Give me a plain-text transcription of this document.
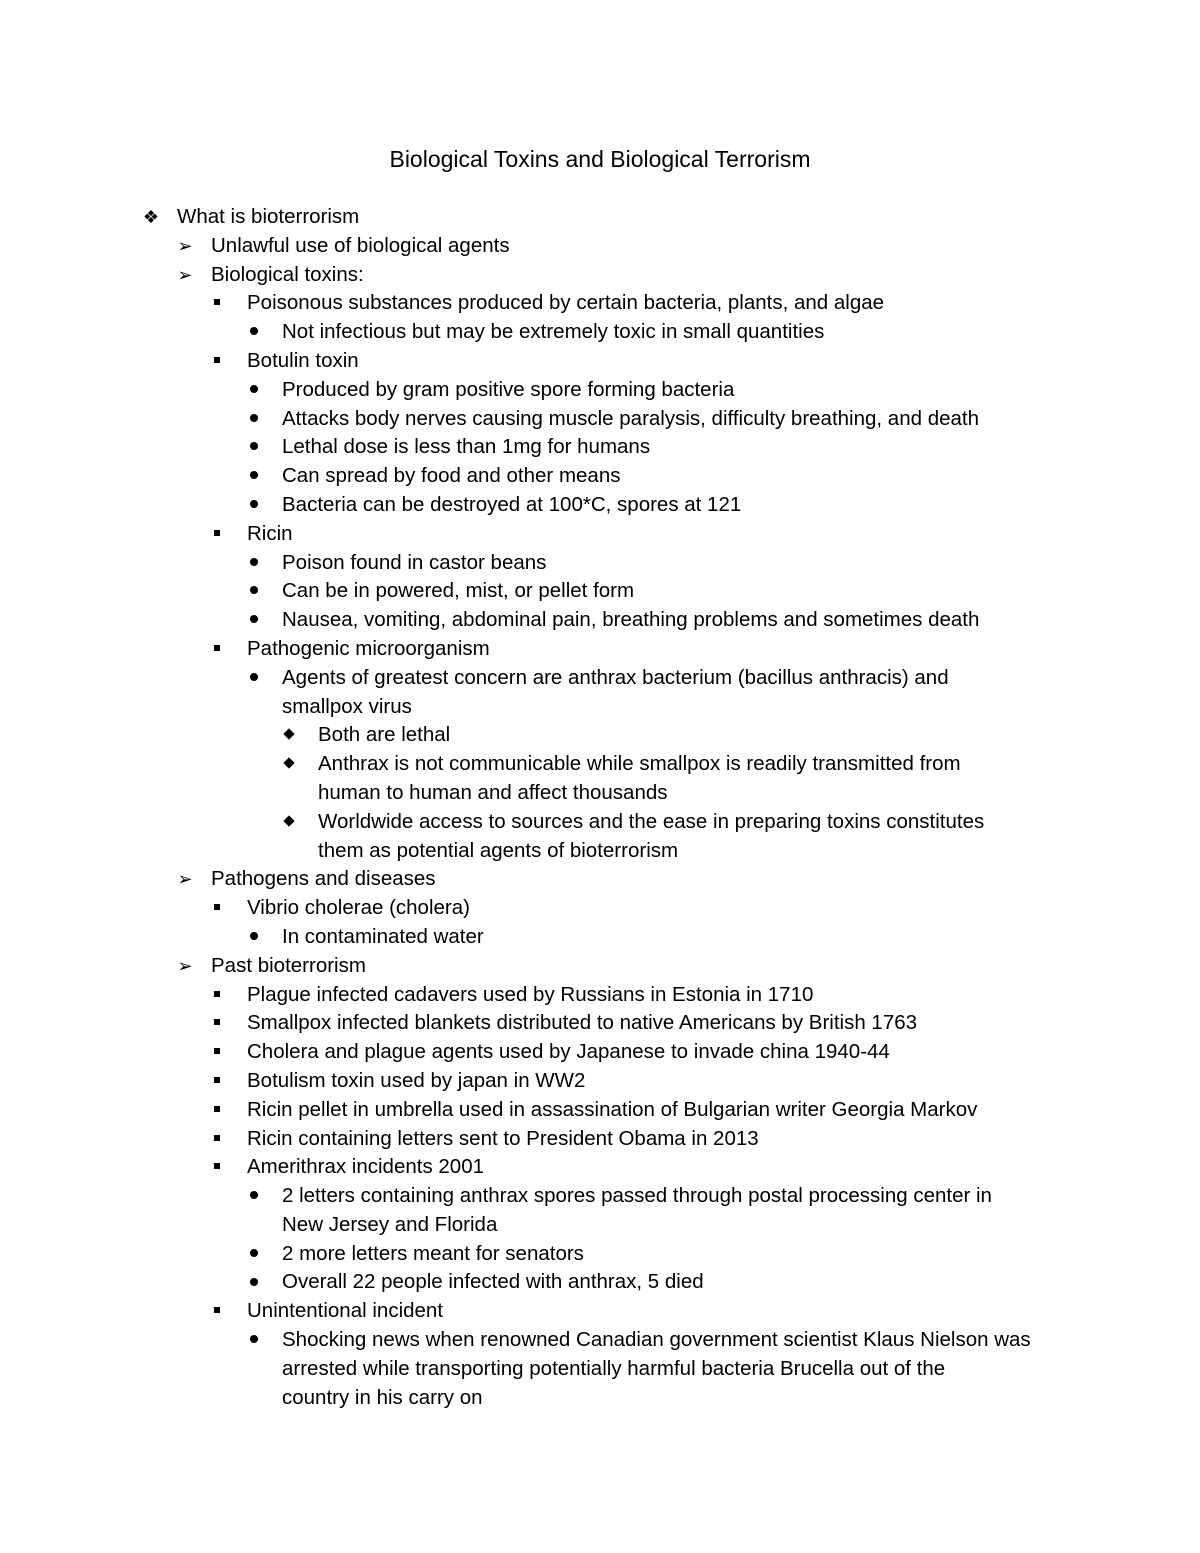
Biological Toxins and Biological Terrorism
❖ What is bioterrorism
➢ Unlawful use of biological agents
➢ Biological toxins:
Poisonous substances produced by certain bacteria, plants, and algae
Not infectious but may be extremely toxic in small quantities
Botulin toxin
Produced by gram positive spore forming bacteria
Attacks body nerves causing muscle paralysis, difficulty breathing, and death
Lethal dose is less than 1mg for humans
Can spread by food and other means
Bacteria can be destroyed at 100*C, spores at 121
Ricin
Poison found in castor beans
Can be in powered, mist, or pellet form
Nausea, vomiting, abdominal pain, breathing problems and sometimes death
Pathogenic microorganism
Agents of greatest concern are anthrax bacterium (bacillus anthracis) and
smallpox virus
Both are lethal
Anthrax is not communicable while smallpox is readily transmitted from
human to human and affect thousands
Worldwide access to sources and the ease in preparing toxins constitutes
them as potential agents of bioterrorism
➢ Pathogens and diseases
Vibrio cholerae (cholera)
In contaminated water
➢ Past bioterrorism
Plague infected cadavers used by Russians in Estonia in 1710
Smallpox infected blankets distributed to native Americans by British 1763
Cholera and plague agents used by Japanese to invade china 1940-44
Botulism toxin used by japan in WW2
Ricin pellet in umbrella used in assassination of Bulgarian writer Georgia Markov
Ricin containing letters sent to President Obama in 2013
Amerithrax incidents 2001
2 letters containing anthrax spores passed through postal processing center in
New Jersey and Florida
2 more letters meant for senators
Overall 22 people infected with anthrax, 5 died
Unintentional incident
Shocking news when renowned Canadian government scientist Klaus Nielson was
arrested while transporting potentially harmful bacteria Brucella out of the
country in his carry on
